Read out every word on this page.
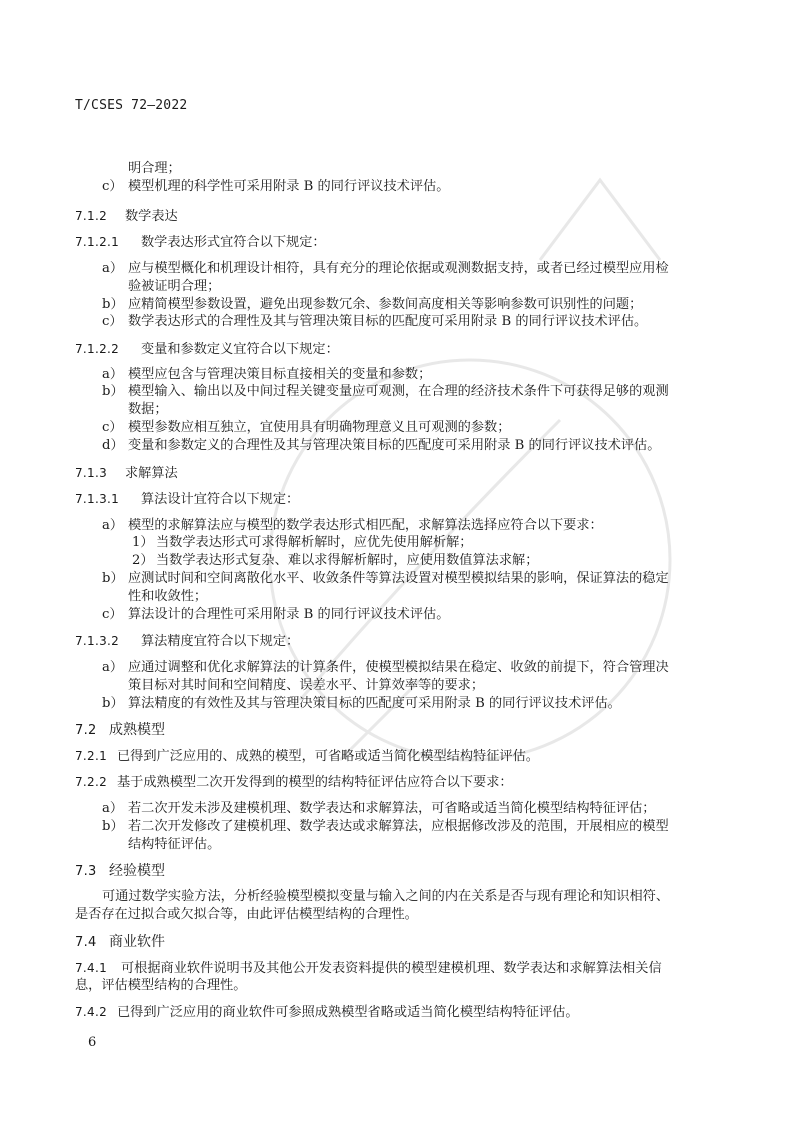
T/CSES 72—2022
明合理；
c） 模型机理的科学性可采用附录 B 的同行评议技术评估。
7.1.2 数学表达
7.1.2.1 数学表达形式宜符合以下规定：
a） 应与模型概化和机理设计相符，具有充分的理论依据或观测数据支持，或者已经过模型应用检
验被证明合理；
b） 应精简模型参数设置，避免出现参数冗余、参数间高度相关等影响参数可识别性的问题；
c） 数学表达形式的合理性及其与管理决策目标的匹配度可采用附录 B 的同行评议技术评估。
7.1.2.2 变量和参数定义宜符合以下规定：
a） 模型应包含与管理决策目标直接相关的变量和参数；
b） 模型输入、输出以及中间过程关键变量应可观测，在合理的经济技术条件下可获得足够的观测
数据；
c） 模型参数应相互独立，宜使用具有明确物理意义且可观测的参数；
d） 变量和参数定义的合理性及其与管理决策目标的匹配度可采用附录 B 的同行评议技术评估。
7.1.3 求解算法
7.1.3.1 算法设计宜符合以下规定：
a） 模型的求解算法应与模型的数学表达形式相匹配，求解算法选择应符合以下要求：
1） 当数学表达形式可求得解析解时，应优先使用解析解；
2） 当数学表达形式复杂、难以求得解析解时，应使用数值算法求解；
b） 应测试时间和空间离散化水平、收敛条件等算法设置对模型模拟结果的影响，保证算法的稳定
性和收敛性；
c） 算法设计的合理性可采用附录 B 的同行评议技术评估。
7.1.3.2 算法精度宜符合以下规定：
a） 应通过调整和优化求解算法的计算条件，使模型模拟结果在稳定、收敛的前提下，符合管理决
策目标对其时间和空间精度、误差水平、计算效率等的要求；
b） 算法精度的有效性及其与管理决策目标的匹配度可采用附录 B 的同行评议技术评估。
7.2 成熟模型
7.2.1 已得到广泛应用的、成熟的模型，可省略或适当简化模型结构特征评估。
7.2.2 基于成熟模型二次开发得到的模型的结构特征评估应符合以下要求：
a） 若二次开发未涉及建模机理、数学表达和求解算法，可省略或适当简化模型结构特征评估；
b） 若二次开发修改了建模机理、数学表达或求解算法，应根据修改涉及的范围，开展相应的模型
结构特征评估。
7.3 经验模型
可通过数学实验方法，分析经验模型模拟变量与输入之间的内在关系是否与现有理论和知识相符、
是否存在过拟合或欠拟合等，由此评估模型结构的合理性。
7.4 商业软件
7.4.1 可根据商业软件说明书及其他公开发表资料提供的模型建模机理、数学表达和求解算法相关信
息，评估模型结构的合理性。
7.4.2 已得到广泛应用的商业软件可参照成熟模型省略或适当简化模型结构特征评估。
6
